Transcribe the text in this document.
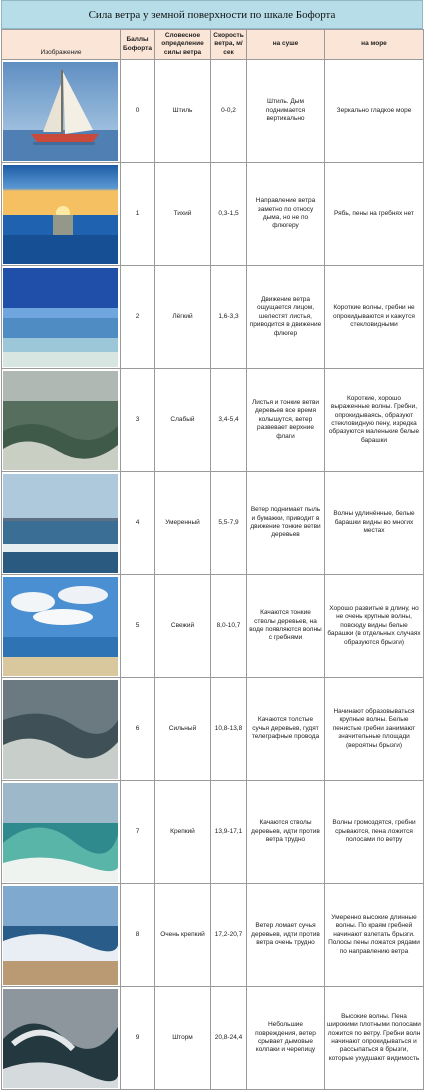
Сила ветра у земной поверхности по шкале Бофорта
Изображение	Баллы Бофорта	Словесное определение силы ветра	Скорость ветра, м/сек	на суше	на море

	0	Штиль	0-0,2	Штиль. Дым поднимается вертикально	Зеркально гладкое море

	1	Тихий	0,3-1,5	Направление ветра заметно по относу дыма, но не по флюгеру	Рябь, пены на гребнях нет

	2	Лёгкий	1,6-3,3	Движение ветра ощущается лицом, шелестят листья, приводится в движение флюгер	Короткие волны, гребни не опрокидываются и кажутся стекловидными

	3	Слабый	3,4-5,4	Листья и тонкие ветви деревьев все время колышутся, ветер развевает верхние флаги	Короткие, хорошо выраженные волны. Гребни, опрокидываясь, образуют стекловидную пену, изредка образуются маленькие белые барашки

	4	Умеренный	5,5-7,9	Ветер поднимает пыль и бумажки, приводит в движение тонкие ветви деревьев	Волны удлинённые, белые барашки видны во многих местах

	5	Свежий	8,0-10,7	Качаются тонкие стволы деревьев, на воде появляются волны с гребнями	Хорошо развитые в длину, но не очень крупные волны, повсюду видны белые барашки (в отдельных случаях образуются брызги)

	6	Сильный	10,8-13,8	Качаются толстые сучья деревьев, гудят телеграфные провода	Начинают образовываться крупные волны. Белые пенистые гребни занимают значительные площади (вероятны брызги)

	7	Крепкий	13,9-17,1	Качаются стволы деревьев, идти против ветра трудно	Волны громоздятся, гребни срываются, пена ложится полосами по ветру

	8	Очень крепкий	17,2-20,7	Ветер ломает сучья деревьев, идти против ветра очень трудно	Умеренно высокие длинные волны. По краям гребней начинают взлетать брызги. Полосы пены ложатся рядами по направлению ветра

	9	Шторм	20,8-24,4	Небольшие повреждения, ветер срывает дымовые колпаки и черепицу	Высокие волны. Пена широкими плотными полосами ложится по ветру. Гребни волн начинают опрокидываться и рассыпаться в брызги, которые ухудшают видимость
